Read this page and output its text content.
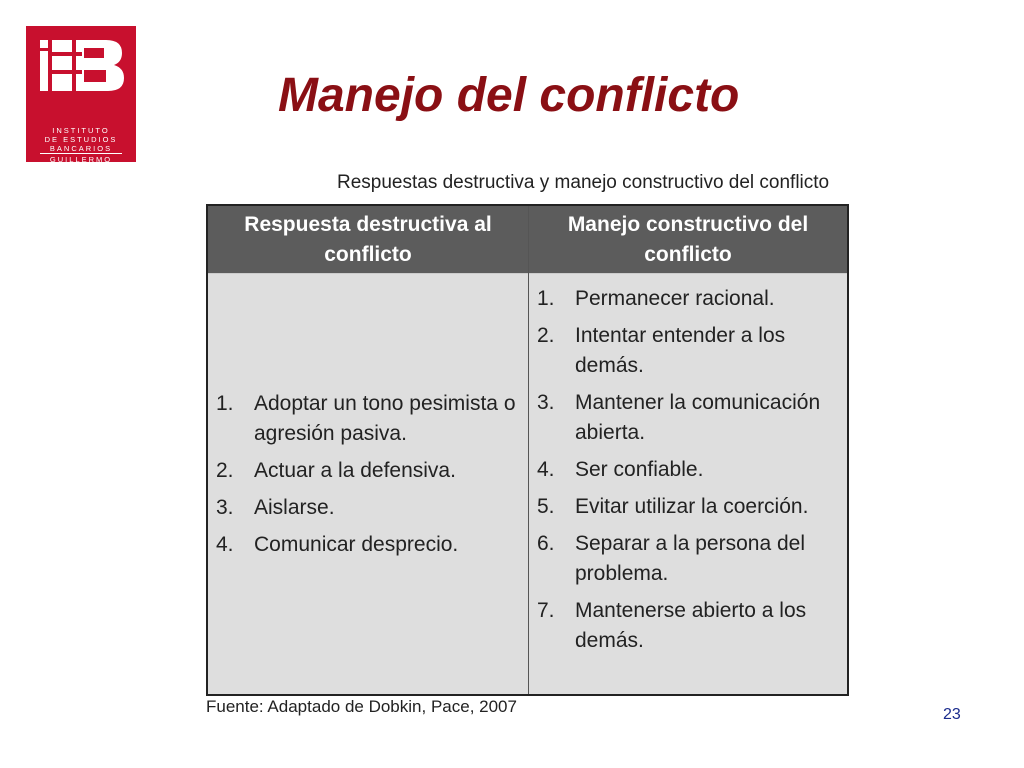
INSTITUTO
DE ESTUDIOS
BANCARIOS
GUILLERMO
SUBERCASEAUX
Manejo del conflicto
Respuestas destructiva y manejo constructivo del conflicto
Respuesta destructiva al conflicto
Manejo constructivo del conflicto
1. Adoptar un tono pesimista o agresión pasiva.
2. Actuar a la defensiva.
3. Aislarse.
4. Comunicar desprecio.
1. Permanecer racional.
2. Intentar entender a los demás.
3. Mantener la comunicación abierta.
4. Ser confiable.
5. Evitar utilizar la coerción.
6. Separar a la persona del problema.
7. Mantenerse abierto a los demás.
Fuente: Adaptado de Dobkin, Pace, 2007	23
